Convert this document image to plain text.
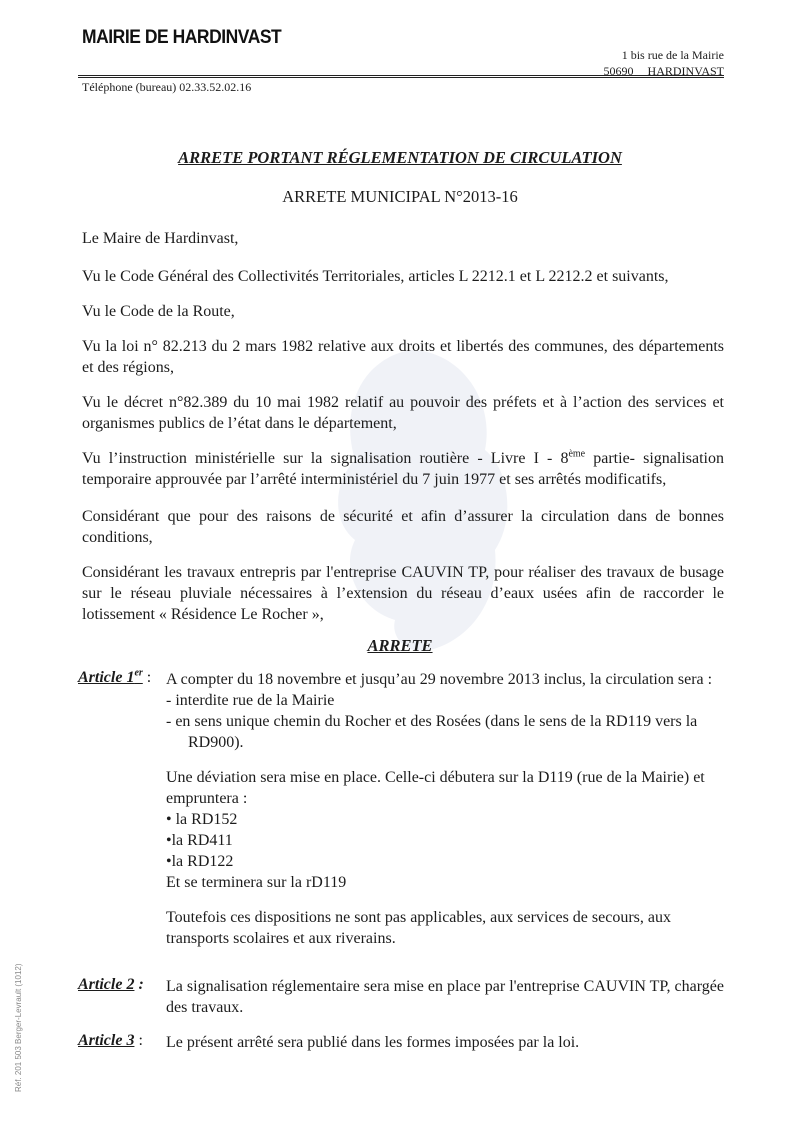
MAIRIE DE HARDINVAST
1 bis rue de la Mairie
50690 HARDINVAST
Téléphone (bureau) 02.33.52.02.16
ARRETE PORTANT RÉGLEMENTATION DE CIRCULATION
ARRETE MUNICIPAL N°2013-16
Le Maire de Hardinvast,
Vu le Code Général des Collectivités Territoriales, articles L 2212.1 et L 2212.2 et suivants,
Vu le Code de la Route,
Vu la loi n° 82.213 du 2 mars 1982 relative aux droits et libertés des communes, des départements et des régions,
Vu le décret n°82.389 du 10 mai 1982 relatif au pouvoir des préfets et à l’action des services et organismes publics de l’état dans le département,
Vu l’instruction ministérielle sur la signalisation routière - Livre I - 8ème partie- signalisation temporaire approuvée par l’arrêté interministériel du 7 juin 1977 et ses arrêtés modificatifs,
Considérant que pour des raisons de sécurité et afin d’assurer la circulation dans de bonnes conditions,
Considérant les travaux entrepris par l'entreprise CAUVIN TP, pour réaliser des travaux de busage sur le réseau pluviale nécessaires à l’extension du réseau d’eaux usées afin de raccorder le lotissement « Résidence Le Rocher »,
ARRETE
Article 1er : A compter du 18 novembre et jusqu’au 29 novembre 2013 inclus, la circulation sera :
- interdite rue de la Mairie
- en sens unique chemin du Rocher et des Rosées (dans le sens de la RD119 vers la
RD900).
Une déviation sera mise en place. Celle-ci débutera sur la D119 (rue de la Mairie) et empruntera :
• la RD152
•la RD411
•la RD122
Et se terminera sur la rD119
Toutefois ces dispositions ne sont pas applicables, aux services de secours, aux transports scolaires et aux riverains.
Article 2 : La signalisation réglementaire sera mise en place par l'entreprise CAUVIN TP, chargée des travaux.
Article 3 : Le présent arrêté sera publié dans les formes imposées par la loi.
Réf. 201 503 Berger-Levrault (1012)
